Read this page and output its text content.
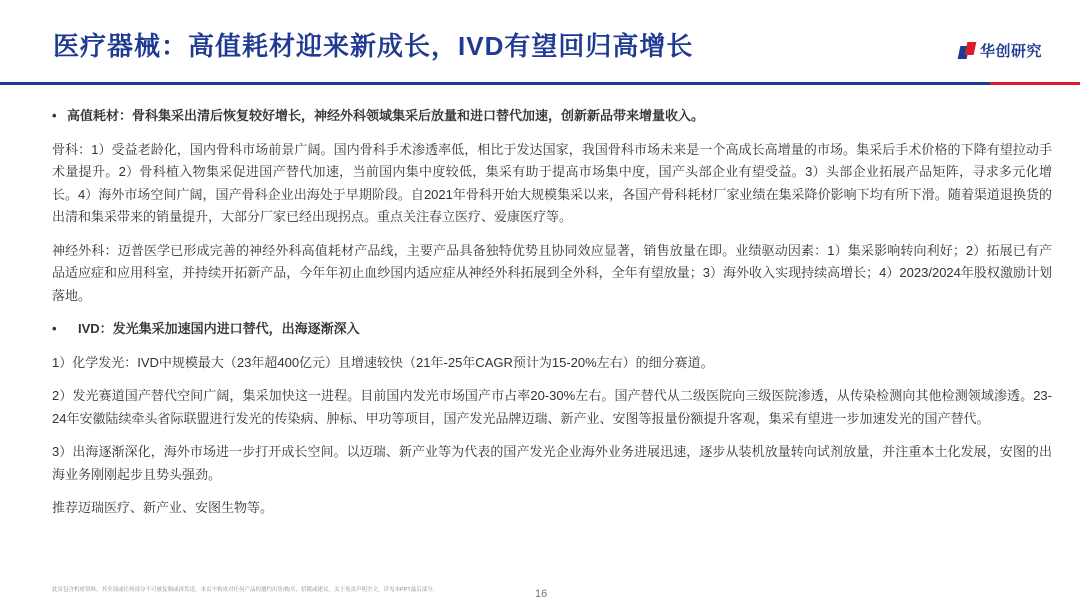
医疗器械：高值耗材迎来新成长，IVD有望回归高增长	华创研究
• 高值耗材：骨科集采出清后恢复较好增长，神经外科领域集采后放量和进口替代加速，创新新品带来增量收入。

骨科：1）受益老龄化，国内骨科市场前景广阔。国内骨科手术渗透率低，相比于发达国家，我国骨科市场未来是一个高成长高增量的市场。集采后手术价格的下降有望拉动手术量提升。2）骨科植入物集采促进国产替代加速，当前国内集中度较低，集采有助于提高市场集中度，国产头部企业有望受益。3）头部企业拓展产品矩阵，寻求多元化增长。4）海外市场空间广阔，国产骨科企业出海处于早期阶段。自2021年骨科开始大规模集采以来，各国产骨科耗材厂家业绩在集采降价影响下均有所下滑。随着渠道退换货的出清和集采带来的销量提升，大部分厂家已经出现拐点。重点关注春立医疗、爱康医疗等。

神经外科：迈普医学已形成完善的神经外科高值耗材产品线，主要产品具备独特优势且协同效应显著，销售放量在即。业绩驱动因素：1）集采影响转向利好；2）拓展已有产品适应症和应用科室，并持续开拓新产品，今年年初止血纱国内适应症从神经外科拓展到全外科，全年有望放量；3）海外收入实现持续高增长；4）2023/2024年股权激励计划落地。

•	IVD：发光集采加速国内进口替代，出海逐渐深入

1）化学发光：IVD中规模最大（23年超400亿元）且增速较快（21年-25年CAGR预计为15-20%左右）的细分赛道。

2）发光赛道国产替代空间广阔，集采加快这一进程。目前国内发光市场国产市占率20-30%左右。国产替代从二级医院向三级医院渗透，从传染检测向其他检测领域渗透。23-24年安徽陆续牵头省际联盟进行发光的传染病、肿标、甲功等项目，国产发光品牌迈瑞、新产业、安图等报量份额提升客观，集采有望进一步加速发光的国产替代。

3）出海逐渐深化，海外市场进一步打开成长空间。以迈瑞、新产业等为代表的国产发光企业海外业务进展迅速，逐步从装机放量转向试剂放量，并注重本土化发展，安图的出海业务刚刚起步且势头强劲。

推荐迈瑞医疗、新产业、安图生物等。

此页包含机密资料，其全部或任何部分不可被复制或再发送。本页不构成对任何产品的邀约出售/购买、招揽或建议。关于免责声明全文，详见本PPT最后部分。	16
